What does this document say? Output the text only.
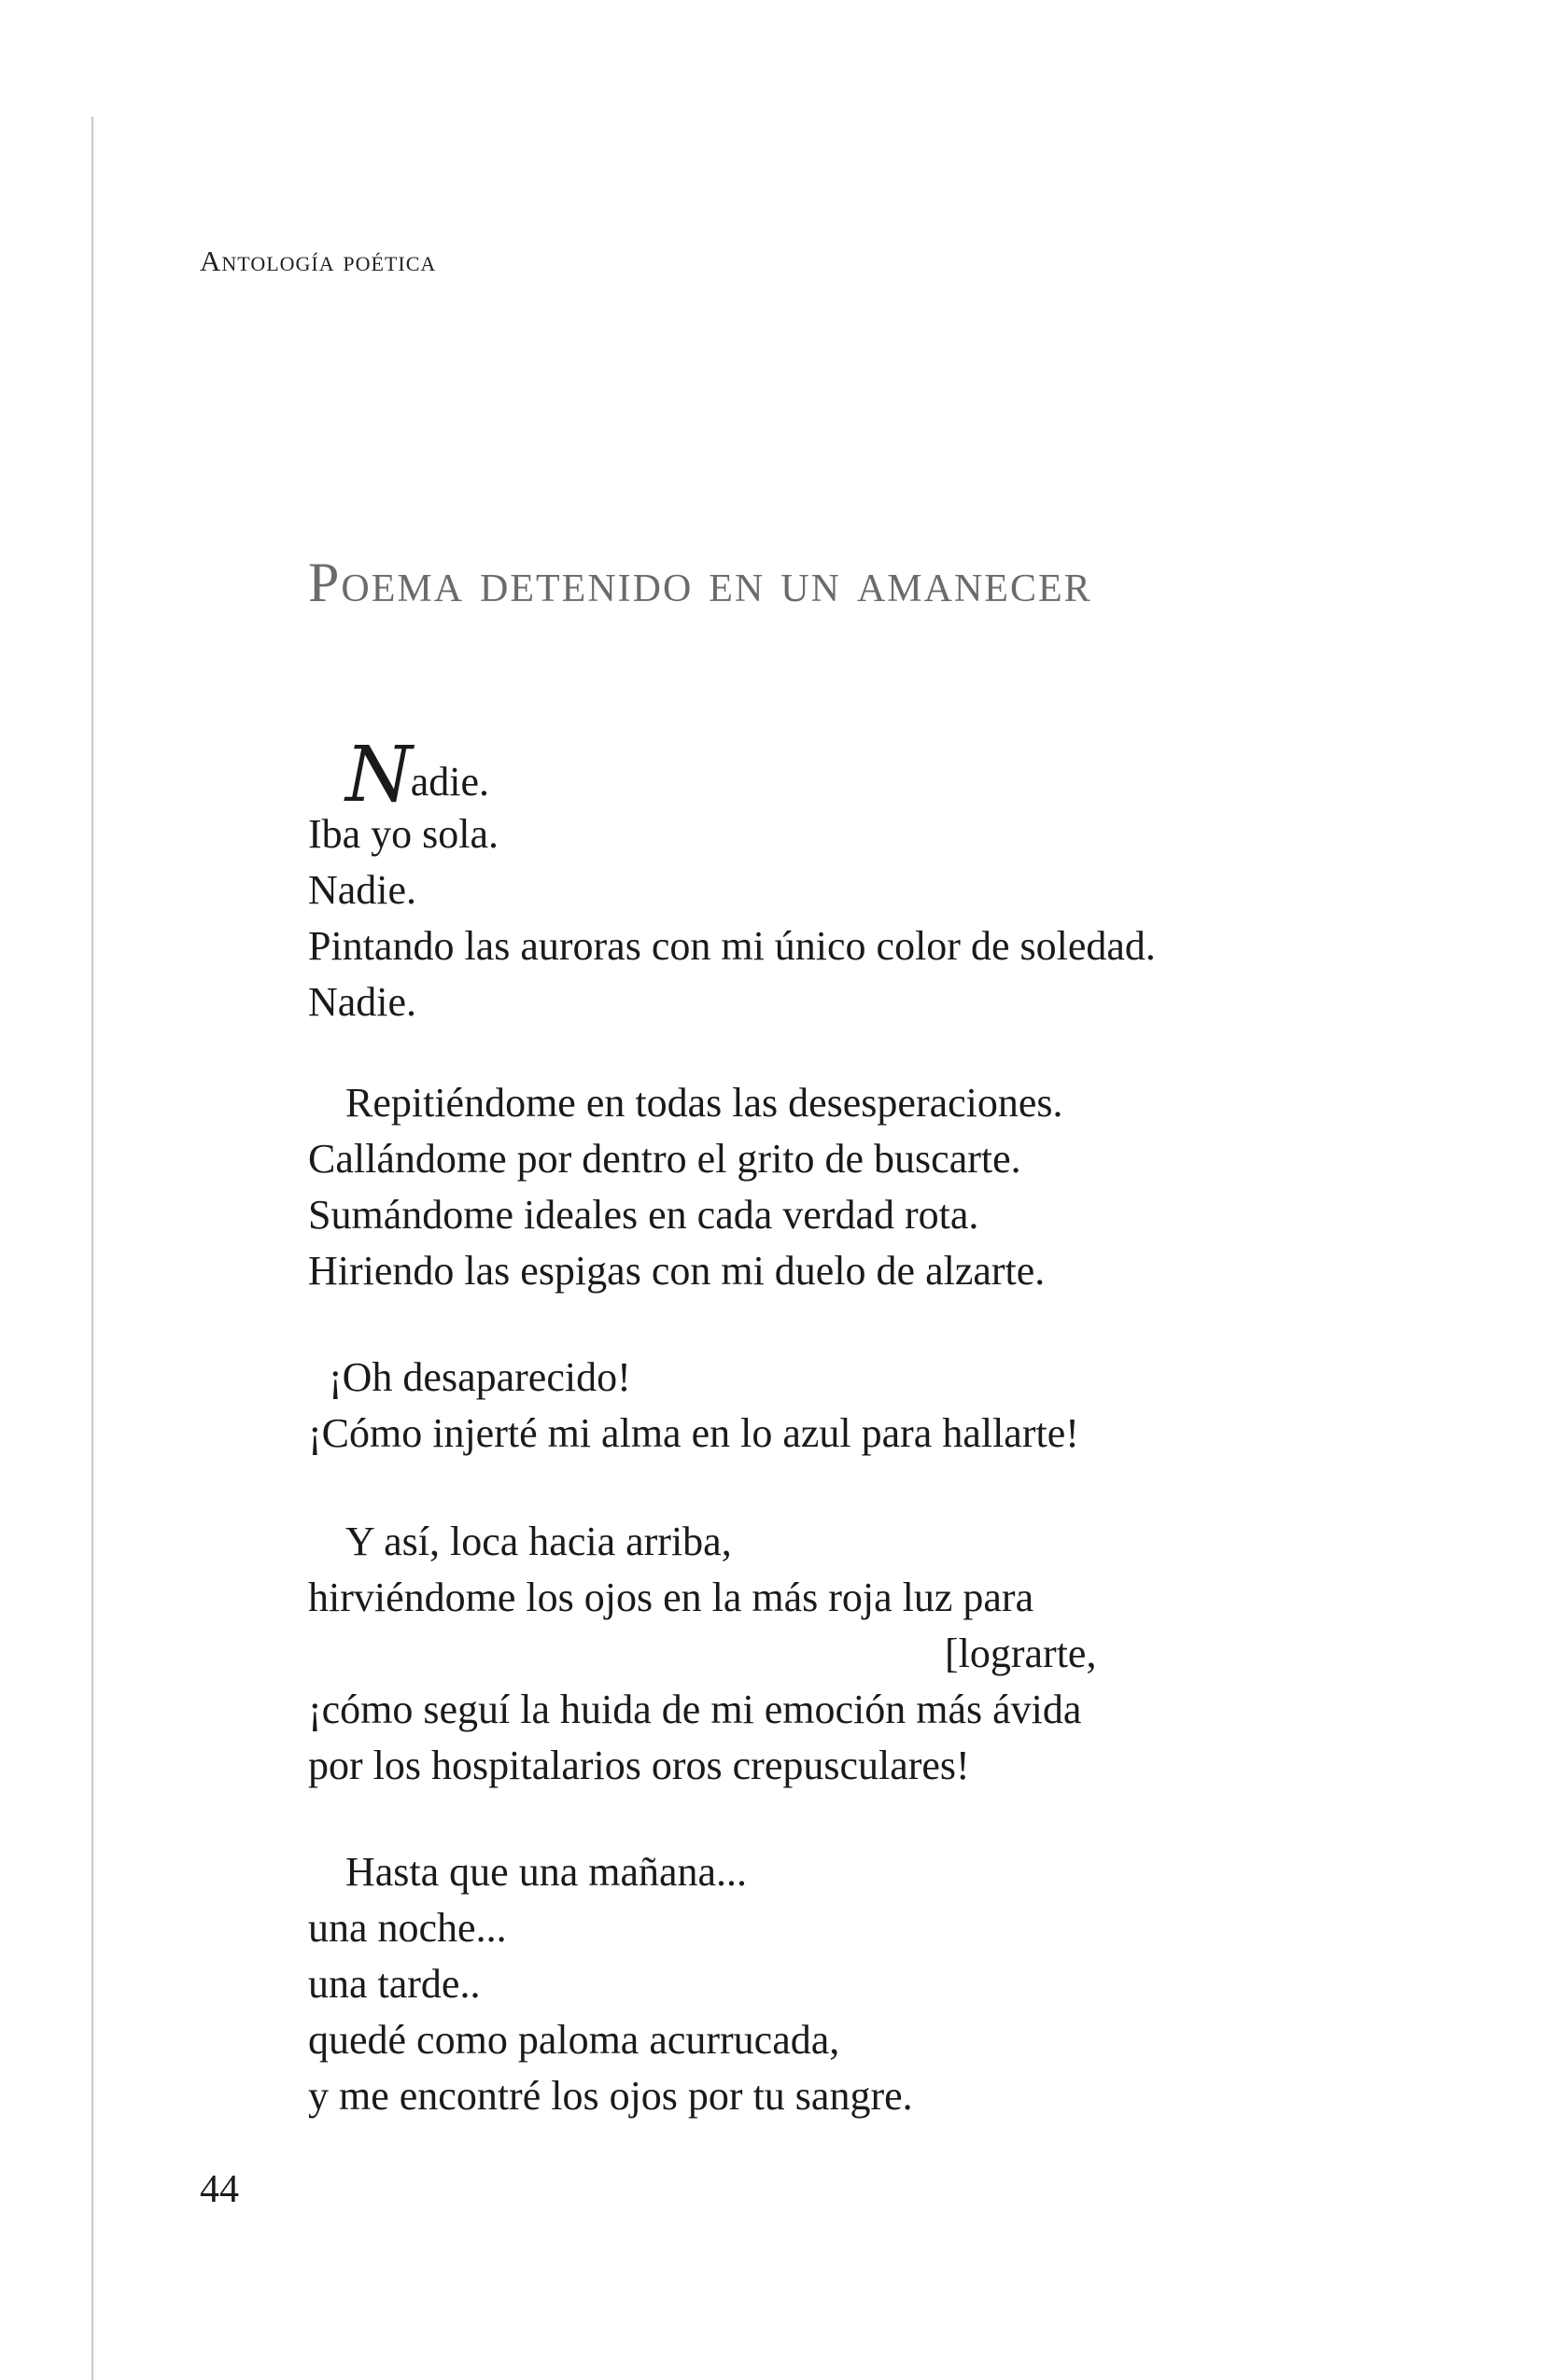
Antología poética
Poema detenido en un amanecer
Nadie.
Iba yo sola.
Nadie.
Pintando las auroras con mi único color de soledad.
Nadie.
Repitiéndome en todas las desesperaciones.
Callándome por dentro el grito de buscarte.
Sumándome ideales en cada verdad rota.
Hiriendo las espigas con mi duelo de alzarte.
¡Oh desaparecido!
¡Cómo injerté mi alma en lo azul para hallarte!
Y así, loca hacia arriba,
hirviéndome los ojos en la más roja luz para
[lograrte,
¡cómo seguí la huida de mi emoción más ávida
por los hospitalarios oros crepusculares!
Hasta que una mañana...
una noche...
una tarde..
quedé como paloma acurrucada,
y me encontré los ojos por tu sangre.
44
